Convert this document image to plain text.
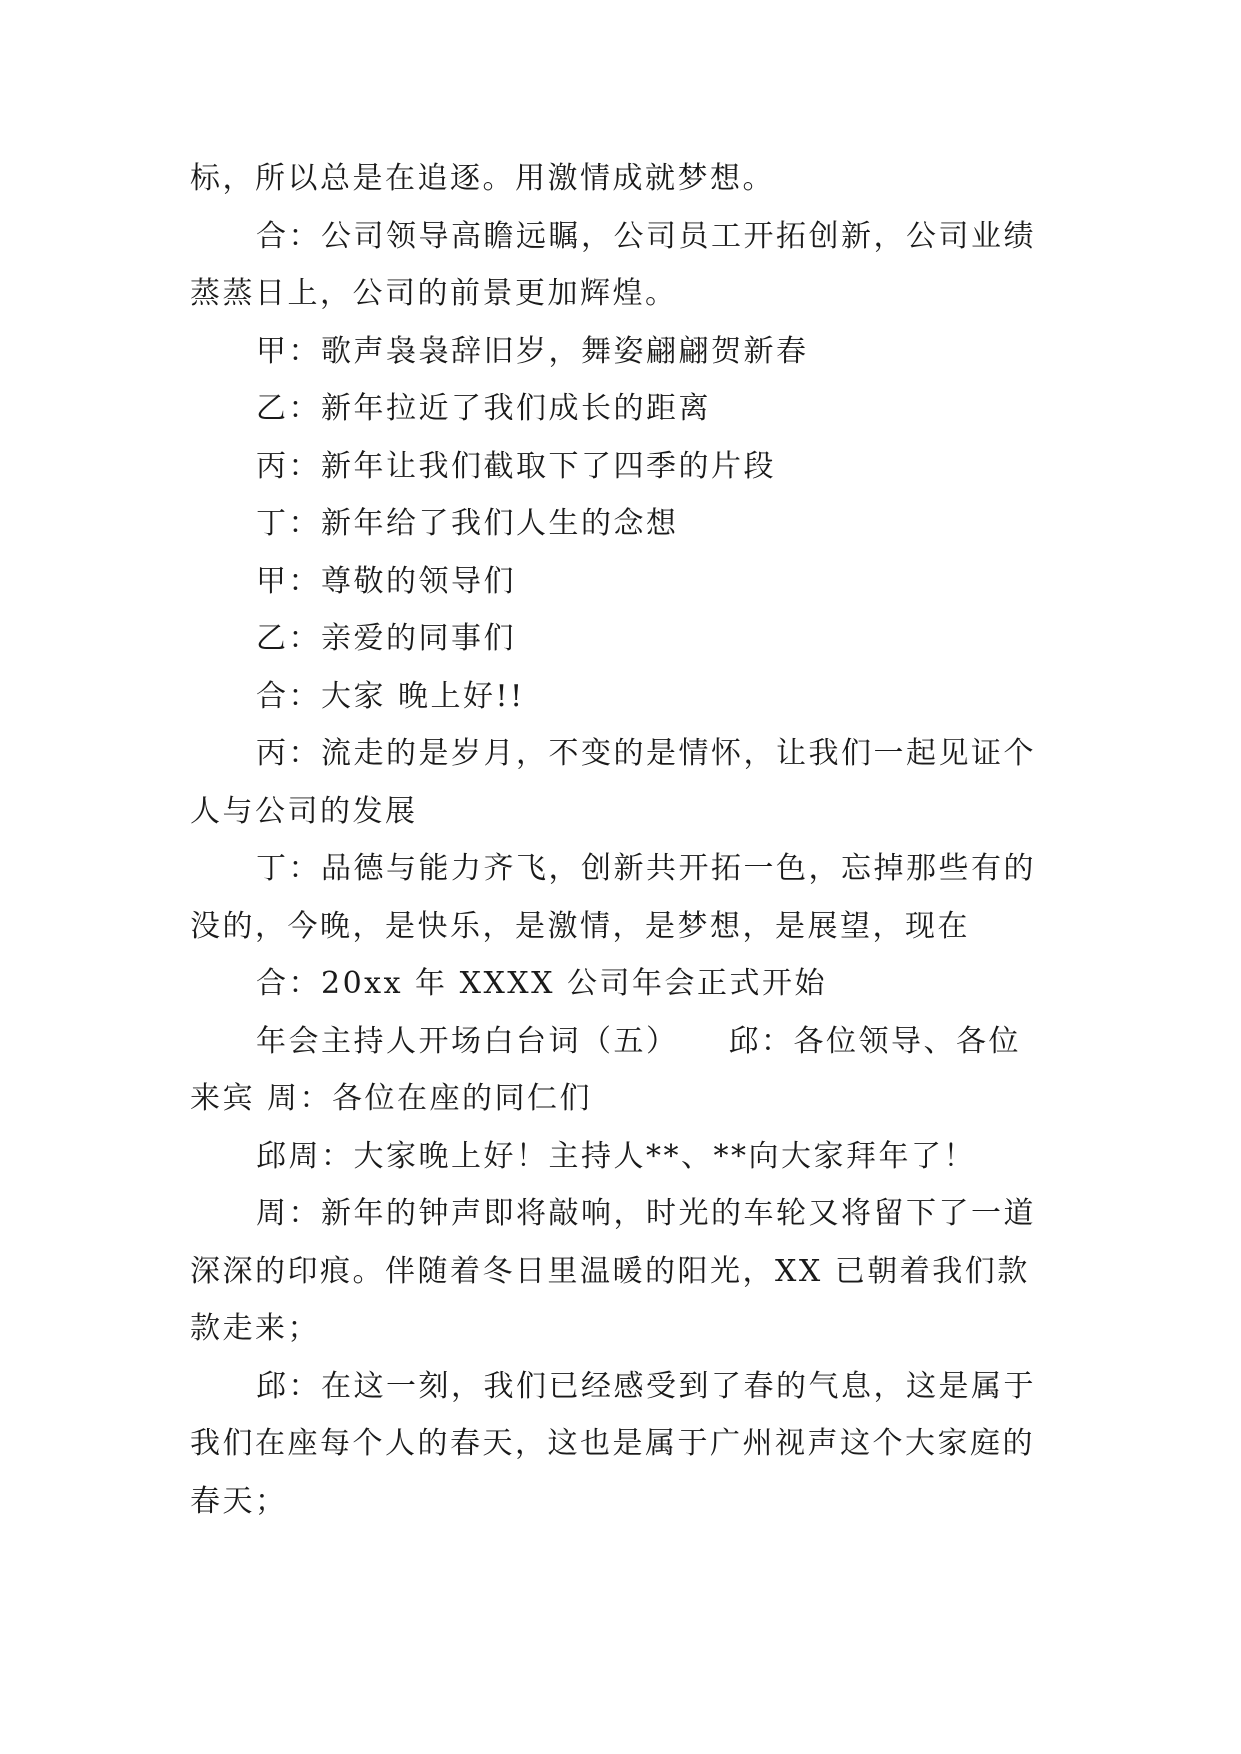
标，所以总是在追逐。用激情成就梦想。

合：公司领导高瞻远瞩，公司员工开拓创新，公司业绩蒸蒸日上，公司的前景更加辉煌。

甲：歌声袅袅辞旧岁，舞姿翩翩贺新春

乙：新年拉近了我们成长的距离

丙：新年让我们截取下了四季的片段

丁：新年给了我们人生的念想

甲：尊敬的领导们

乙：亲爱的同事们

合：大家 晚上好!!

丙：流走的是岁月，不变的是情怀，让我们一起见证个人与公司的发展

丁：品德与能力齐飞，创新共开拓一色，忘掉那些有的没的，今晚，是快乐，是激情，是梦想，是展望，现在

合：20xx 年 XXXX 公司年会正式开始

年会主持人开场白台词（五）　　邱：各位领导、各位来宾 周：各位在座的同仁们

邱周：大家晚上好！主持人**、**向大家拜年了！

周：新年的钟声即将敲响，时光的车轮又将留下了一道深深的印痕。伴随着冬日里温暖的阳光，XX 已朝着我们款款走来；

邱：在这一刻，我们已经感受到了春的气息，这是属于我们在座每个人的春天，这也是属于广州视声这个大家庭的春天；
